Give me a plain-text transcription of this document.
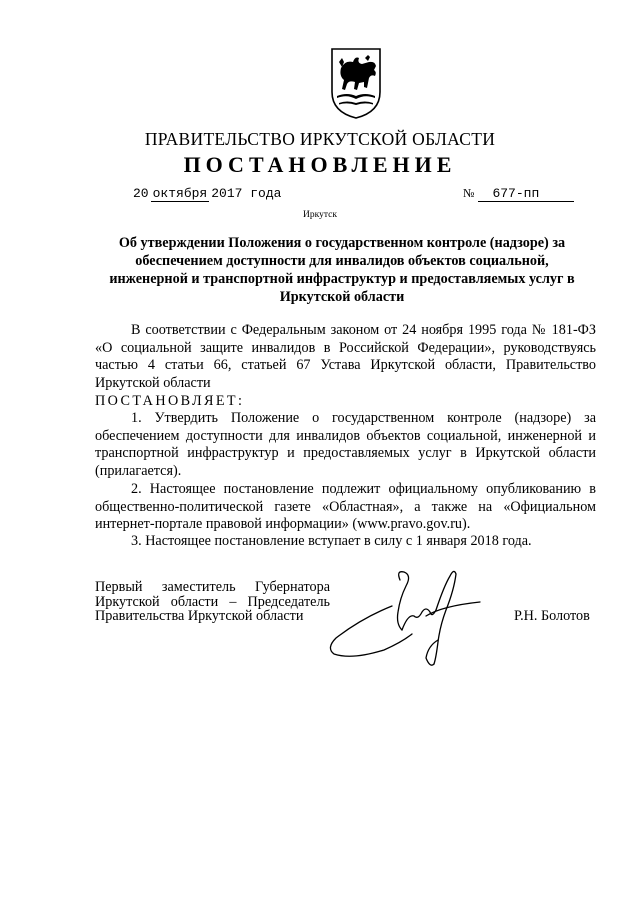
ПРАВИТЕЛЬСТВО ИРКУТСКОЙ ОБЛАСТИ
ПОСТАНОВЛЕНИЕ
20 октября 2017 года	№ 677-пп
Иркутск
Об утверждении Положения о государственном контроле (надзоре) за обеспечением доступности для инвалидов объектов социальной, инженерной и транспортной инфраструктур и предоставляемых услуг в Иркутской области
В соответствии с Федеральным законом от 24 ноября 1995 года № 181-ФЗ «О социальной защите инвалидов в Российской Федерации», руководствуясь частью 4 статьи 66, статьей 67 Устава Иркутской области, Правительство Иркутской области
ПОСТАНОВЛЯЕТ:
1. Утвердить Положение о государственном контроле (надзоре) за обеспечением доступности для инвалидов объектов социальной, инженерной и транспортной инфраструктур и предоставляемых услуг в Иркутской области (прилагается).
2. Настоящее постановление подлежит официальному опубликованию в общественно-политической газете «Областная», а также на «Официальном интернет-портале правовой информации» (www.pravo.gov.ru).
3. Настоящее постановление вступает в силу с 1 января 2018 года.
Первый заместитель Губернатора
Иркутской области – Председатель
Правительства Иркутской области	Р.Н. Болотов
